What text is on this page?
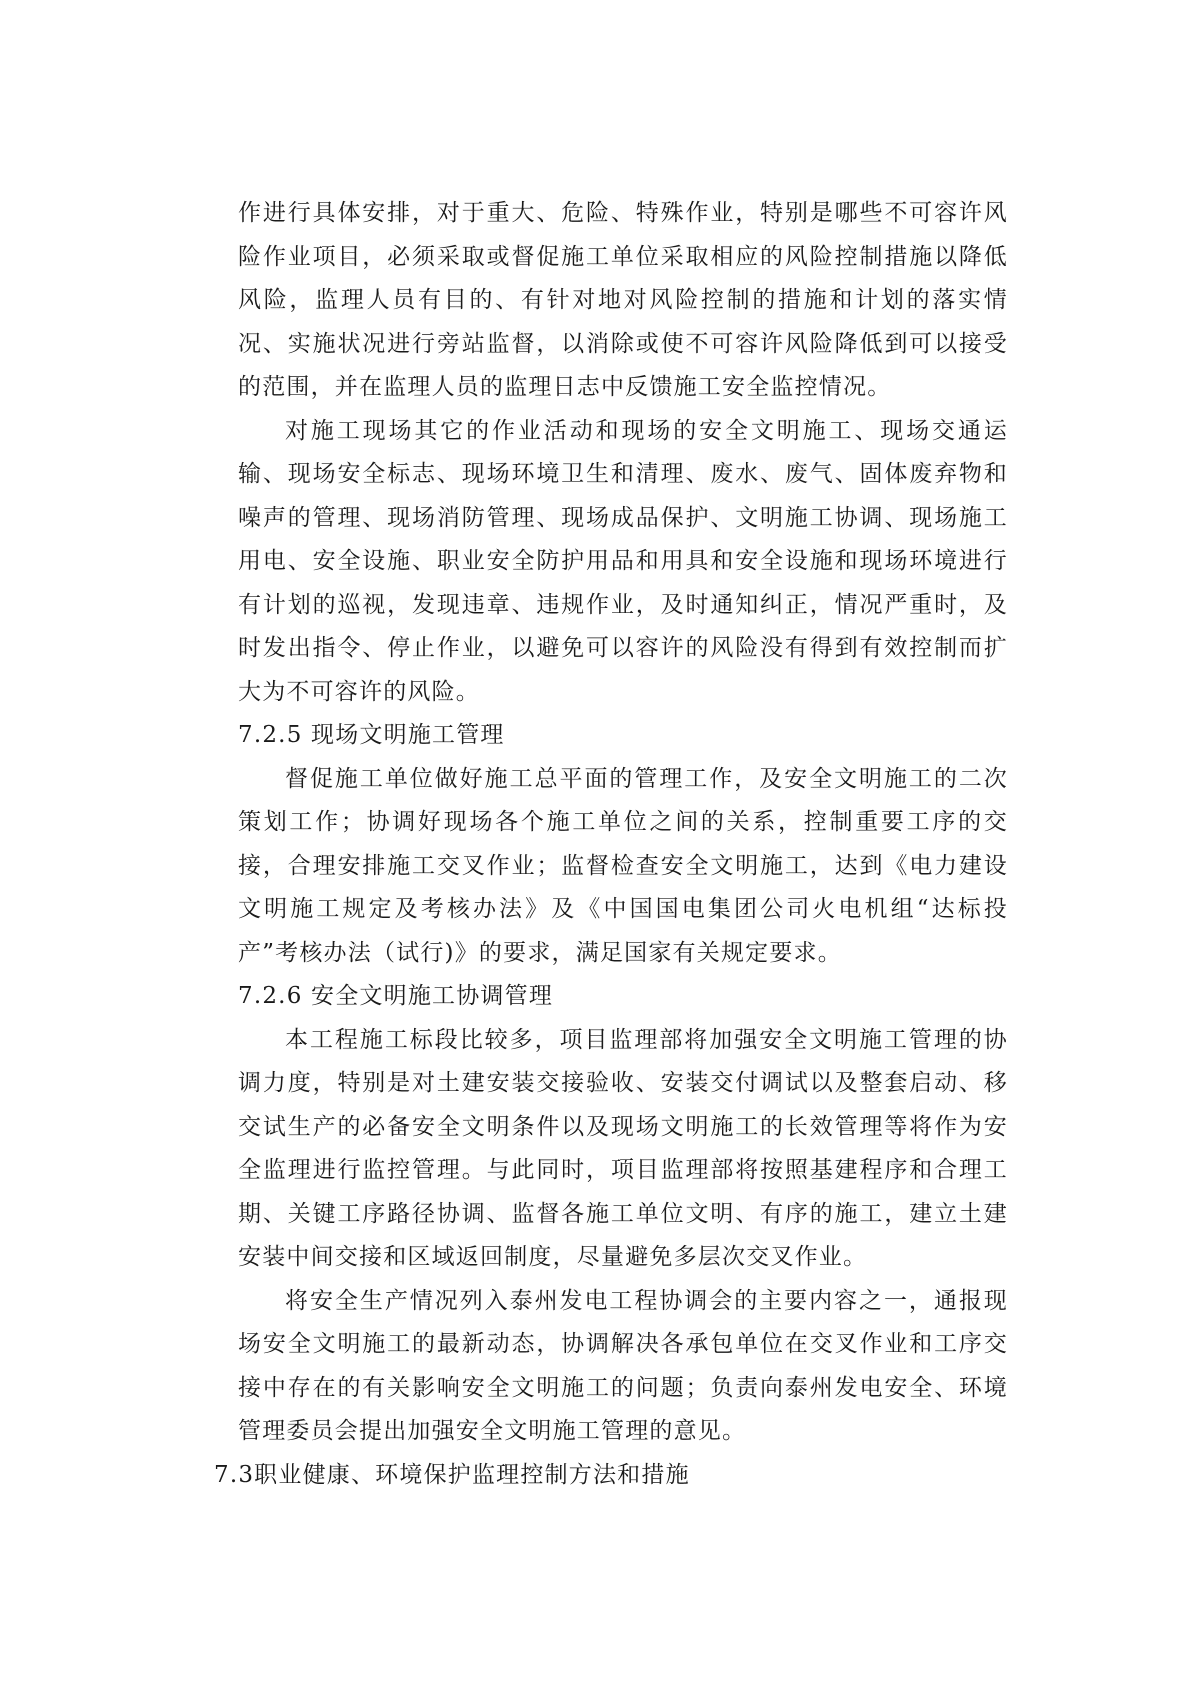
作进行具体安排，对于重大、危险、特殊作业，特别是哪些不可容许风险作业项目，必须采取或督促施工单位采取相应的风险控制措施以降低风险，监理人员有目的、有针对地对风险控制的措施和计划的落实情况、实施状况进行旁站监督，以消除或使不可容许风险降低到可以接受的范围，并在监理人员的监理日志中反馈施工安全监控情况。

对施工现场其它的作业活动和现场的安全文明施工、现场交通运输、现场安全标志、现场环境卫生和清理、废水、废气、固体废弃物和噪声的管理、现场消防管理、现场成品保护、文明施工协调、现场施工用电、安全设施、职业安全防护用品和用具和安全设施和现场环境进行有计划的巡视，发现违章、违规作业，及时通知纠正，情况严重时，及时发出指令、停止作业，以避免可以容许的风险没有得到有效控制而扩大为不可容许的风险。

7.2.5 现场文明施工管理

督促施工单位做好施工总平面的管理工作，及安全文明施工的二次策划工作；协调好现场各个施工单位之间的关系，控制重要工序的交接，合理安排施工交叉作业；监督检查安全文明施工，达到《电力建设文明施工规定及考核办法》及《中国国电集团公司火电机组“达标投产”考核办法（试行)》的要求，满足国家有关规定要求。

7.2.6 安全文明施工协调管理

本工程施工标段比较多，项目监理部将加强安全文明施工管理的协调力度，特别是对土建安装交接验收、安装交付调试以及整套启动、移交试生产的必备安全文明条件以及现场文明施工的长效管理等将作为安全监理进行监控管理。与此同时，项目监理部将按照基建程序和合理工期、关键工序路径协调、监督各施工单位文明、有序的施工，建立土建安装中间交接和区域返回制度，尽量避免多层次交叉作业。

将安全生产情况列入泰州发电工程协调会的主要内容之一，通报现场安全文明施工的最新动态，协调解决各承包单位在交叉作业和工序交接中存在的有关影响安全文明施工的问题；负责向泰州发电安全、环境管理委员会提出加强安全文明施工管理的意见。

7.3职业健康、环境保护监理控制方法和措施
